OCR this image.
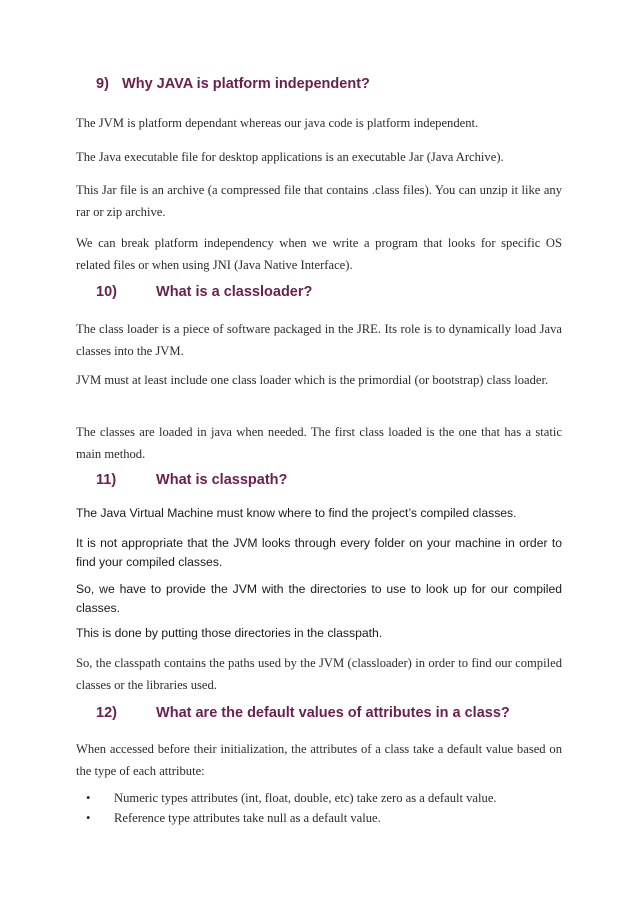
9) Why JAVA is platform independent?

The JVM is platform dependant whereas our java code is platform independent.

The Java executable file for desktop applications is an executable Jar (Java Archive).

This Jar file is an archive (a compressed file that contains .class files). You can unzip it like any rar or zip archive.

We can break platform independency when we write a program that looks for specific OS related files or when using JNI (Java Native Interface).

10)	What is a classloader?

The class loader is a piece of software packaged in the JRE. Its role is to dynamically load Java classes into the JVM.

JVM must at least include one class loader which is the primordial (or bootstrap) class loader.

The classes are loaded in java when needed. The first class loaded is the one that has a static main method.

11)	What is classpath?

The Java Virtual Machine must know where to find the project’s compiled classes.

It is not appropriate that the JVM looks through every folder on your machine in order to find your compiled classes.

So, we have to provide the JVM with the directories to use to look up for our compiled classes.

This is done by putting those directories in the classpath.

So, the classpath contains the paths used by the JVM (classloader) in order to find our compiled classes or the libraries used.

12)	What are the default values of attributes in a class?

When accessed before their initialization, the attributes of a class take a default value based on the type of each attribute:

• Numeric types attributes (int, float, double, etc) take zero as a default value.
• Reference type attributes take null as a default value.
